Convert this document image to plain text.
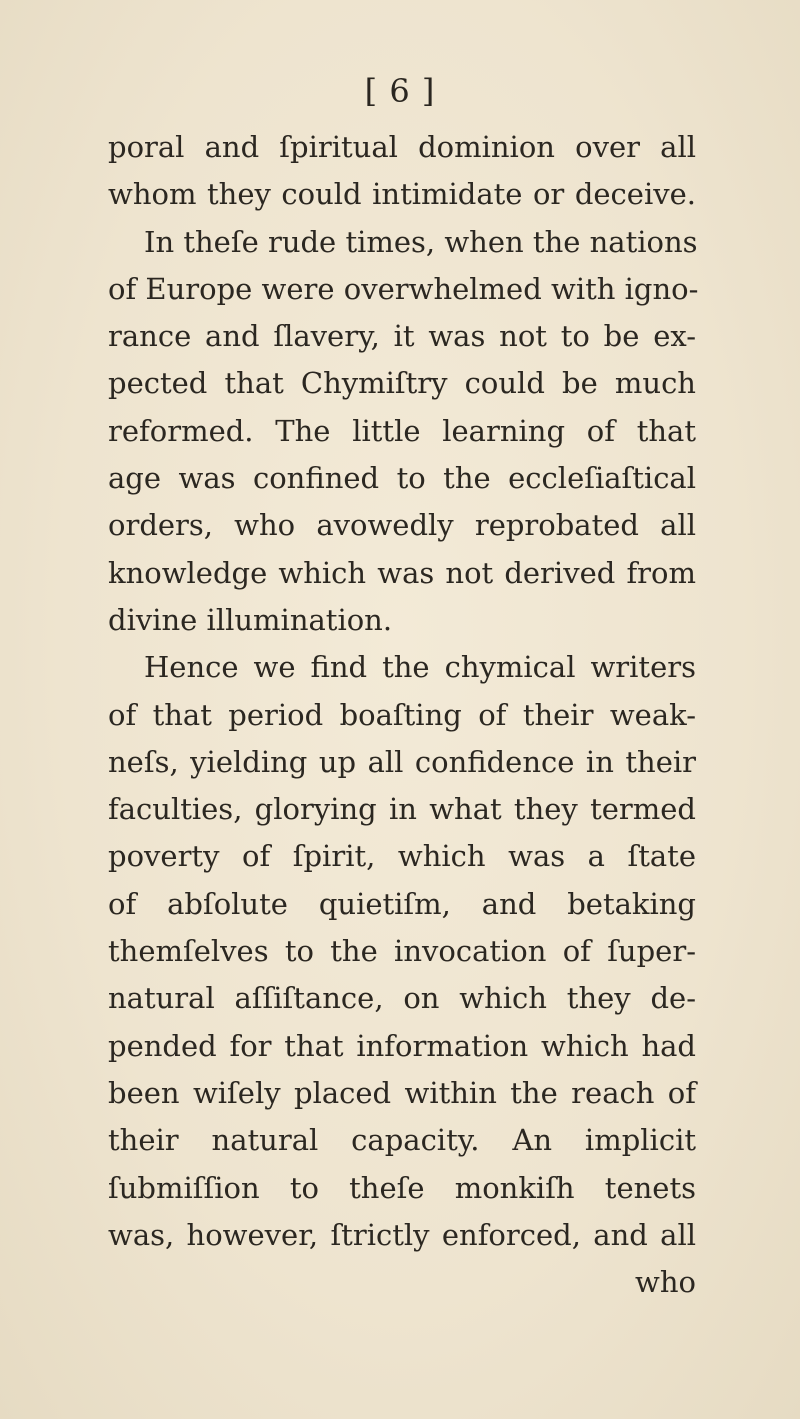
[ 6 ]
poral and ſpiritual dominion over all
whom they could intimidate or deceive.
In theſe rude times, when the nations
of Europe were overwhelmed with igno-
rance and ſlavery, it was not to be ex-
pected that Chymiſtry could be much
reformed. The little learning of that
age was confined to the eccleſiaſtical
orders, who avowedly reprobated all
knowledge which was not derived from
divine illumination.
Hence we find the chymical writers
of that period boaſting of their weak-
neſs, yielding up all confidence in their
faculties, glorying in what they termed
poverty of ſpirit, which was a ſtate
of abſolute quietiſm, and betaking
themſelves to the invocation of ſuper-
natural aſſiſtance, on which they de-
pended for that information which had
been wiſely placed within the reach of
their natural capacity. An implicit
ſubmiſſion to theſe monkiſh tenets
was, however, ſtrictly enforced, and all
who
